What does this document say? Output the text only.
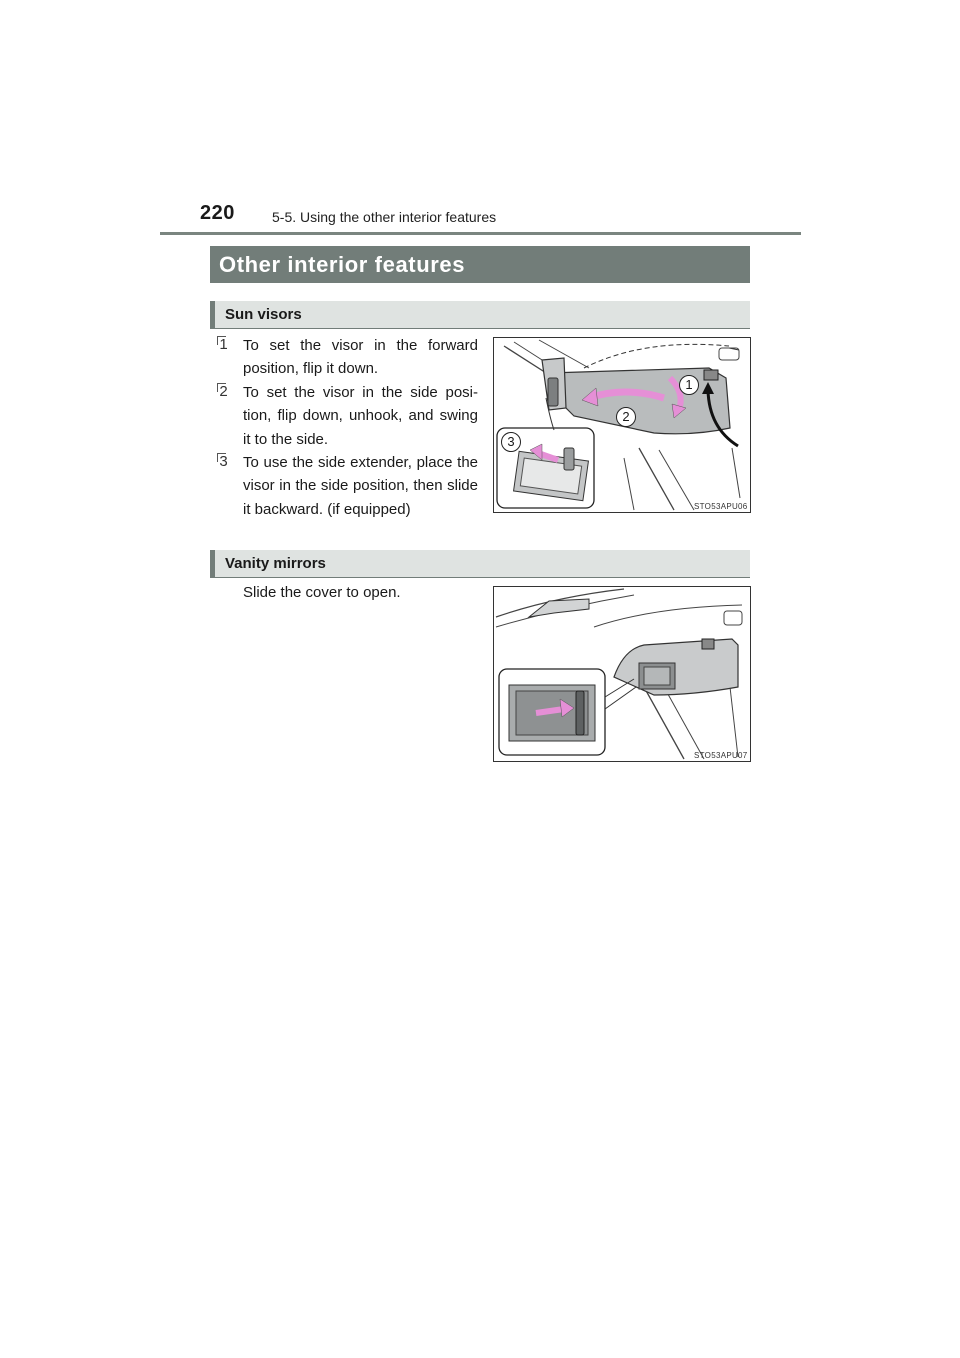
220	5-5. Using the other interior features
Other interior features
Sun visors
1 To set the visor in the forward position, flip it down.
2 To set the visor in the side posi-tion, flip down, unhook, and swing it to the side.
3 To use the side extender, place the visor in the side position, then slide it backward. (if equipped)
1
2
3
STO53APU06
Vanity mirrors
Slide the cover to open.
STO53APU07
